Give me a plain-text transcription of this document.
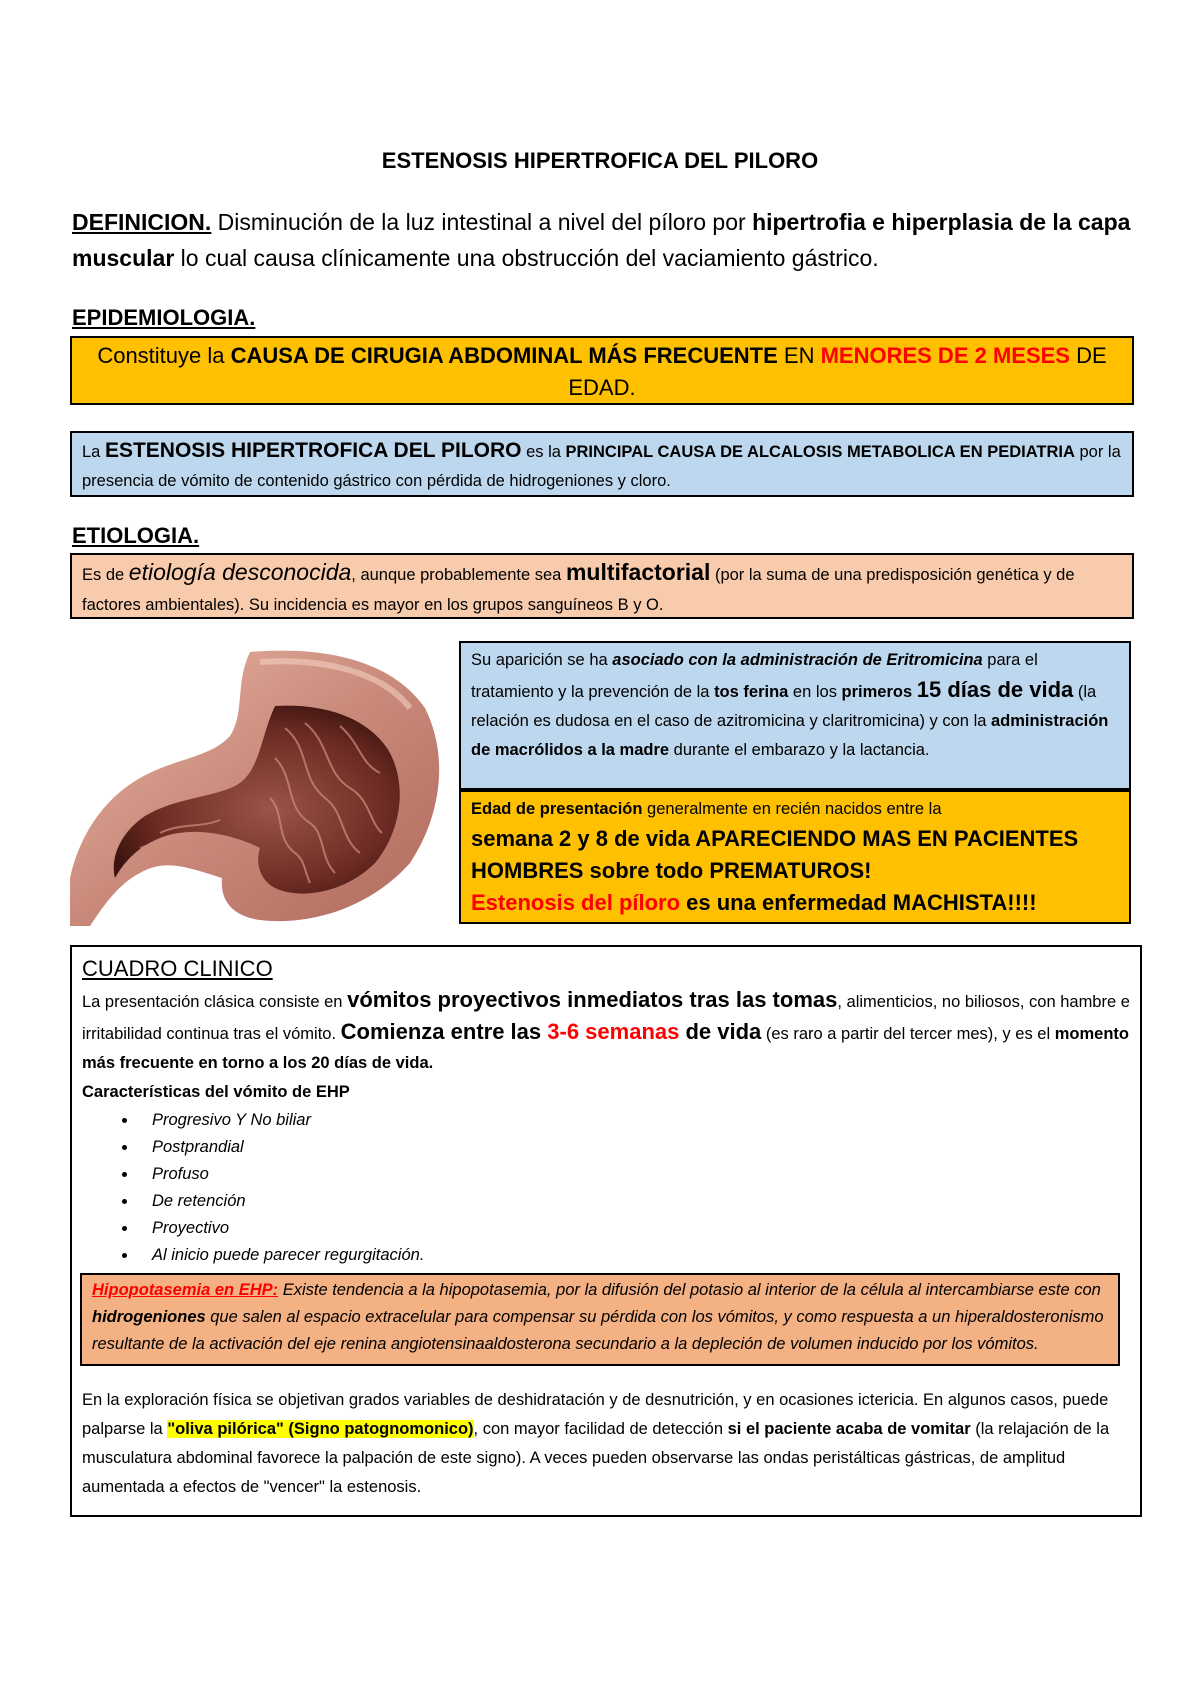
ESTENOSIS HIPERTROFICA DEL PILORO
DEFINICION. Disminución de la luz intestinal a nivel del píloro por hipertrofia e hiperplasia de la capa muscular lo cual causa clínicamente una obstrucción del vaciamiento gástrico.
EPIDEMIOLOGIA.
Constituye la CAUSA DE CIRUGIA ABDOMINAL MÁS FRECUENTE EN MENORES DE 2 MESES DE EDAD.
La ESTENOSIS HIPERTROFICA DEL PILORO es la PRINCIPAL CAUSA DE ALCALOSIS METABOLICA EN PEDIATRIA por la presencia de vómito de contenido gástrico con pérdida de hidrogeniones y cloro.
ETIOLOGIA.
Es de etiología desconocida, aunque probablemente sea multifactorial (por la suma de una predisposición genética y de factores ambientales). Su incidencia es mayor en los grupos sanguíneos B y O.
Su aparición se ha asociado con la administración de Eritromicina para el tratamiento y la prevención de la tos ferina en los primeros 15 días de vida (la relación es dudosa en el caso de azitromicina y claritromicina) y con la administración de macrólidos a la madre durante el embarazo y la lactancia.
Edad de presentación generalmente en recién nacidos entre la
semana 2 y 8 de vida APARECIENDO MAS EN PACIENTES HOMBRES sobre todo PREMATUROS!
Estenosis del píloro es una enfermedad MACHISTA!!!!
CUADRO CLINICO
La presentación clásica consiste en vómitos proyectivos inmediatos tras las tomas, alimenticios, no biliosos, con hambre e irritabilidad continua tras el vómito. Comienza entre las 3-6 semanas de vida (es raro a partir del tercer mes), y es el momento más frecuente en torno a los 20 días de vida.
Características del vómito de EHP
• Progresivo Y No biliar
• Postprandial
• Profuso
• De retención
• Proyectivo
• Al inicio puede parecer regurgitación.
Hipopotasemia en EHP: Existe tendencia a la hipopotasemia, por la difusión del potasio al interior de la célula al intercambiarse este con hidrogeniones que salen al espacio extracelular para compensar su pérdida con los vómitos, y como respuesta a un hiperaldosteronismo resultante de la activación del eje renina angiotensinaaldosterona secundario a la depleción de volumen inducido por los vómitos.
En la exploración física se objetivan grados variables de deshidratación y de desnutrición, y en ocasiones ictericia. En algunos casos, puede palparse la "oliva pilórica" (Signo patognomonico), con mayor facilidad de detección si el paciente acaba de vomitar (la relajación de la musculatura abdominal favorece la palpación de este signo). A veces pueden observarse las ondas peristálticas gástricas, de amplitud aumentada a efectos de "vencer" la estenosis.
